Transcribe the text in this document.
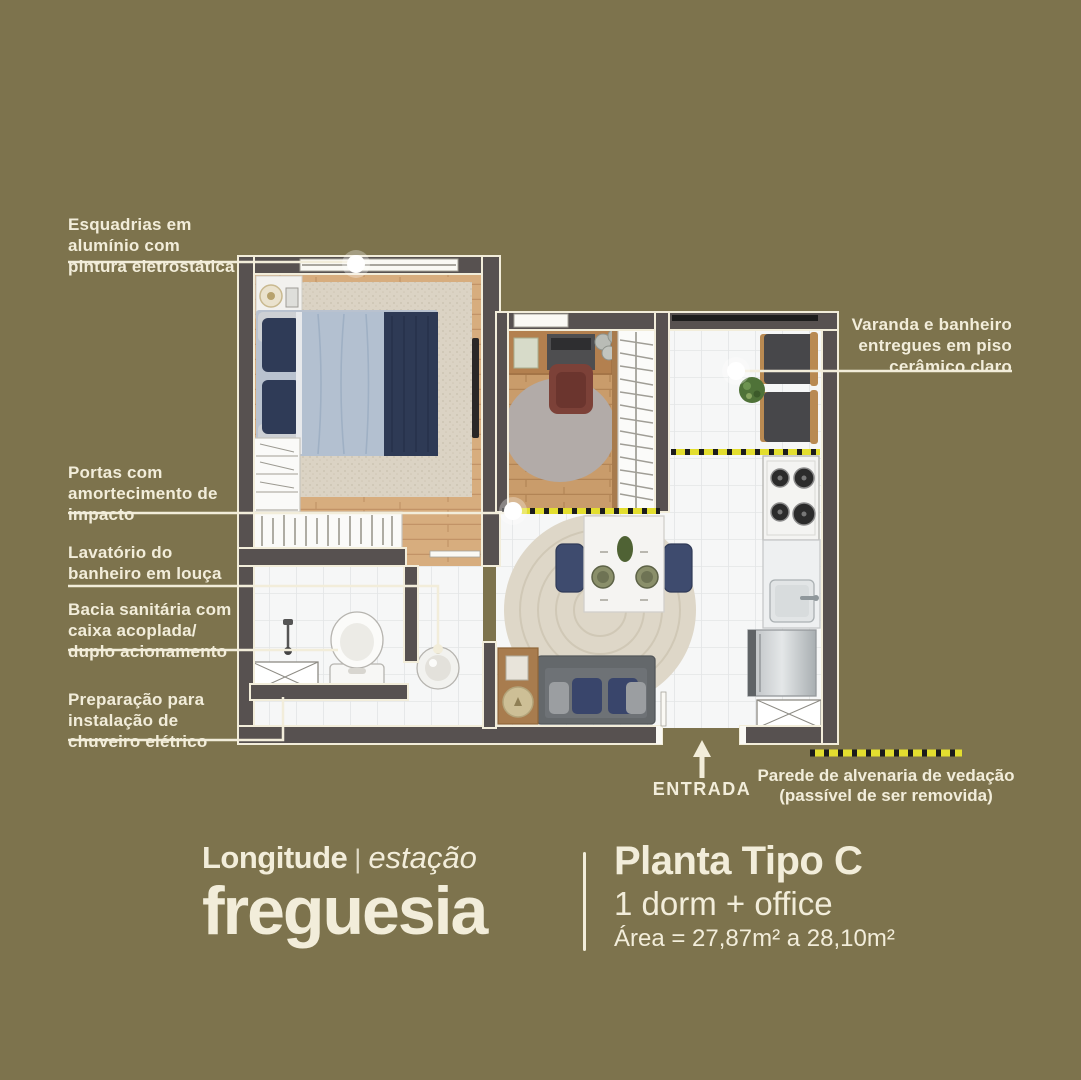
Esquadrias em
alumínio com
pintura eletrostática
Varanda e banheiro
entregues em piso
cerâmico claro
Portas com
amortecimento de
impacto
Lavatório do
banheiro em louça
Bacia sanitária com
caixa acoplada/
duplo acionamento
Preparação para
instalação de
chuveiro elétrico
ENTRADA
Parede de alvenaria de vedação
(passível de ser removida)
Longitude | estação
freguesia
Planta Tipo C
1 dorm + office
Área = 27,87m² a 28,10m²
